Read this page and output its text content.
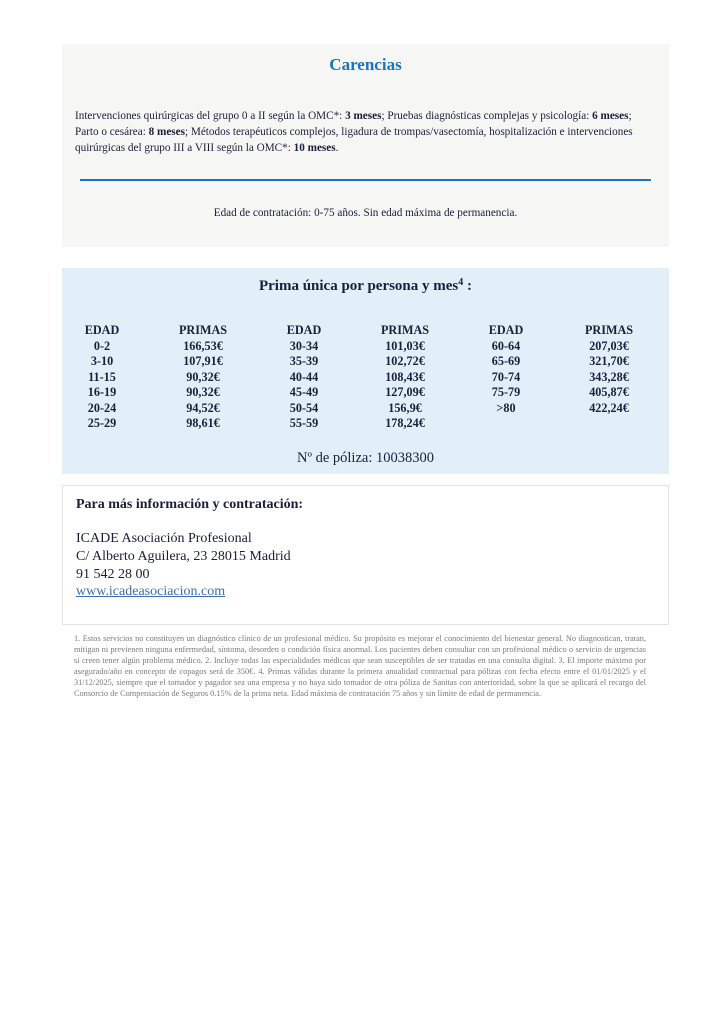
Carencias
Intervenciones quirúrgicas del grupo 0 a II según la OMC*: 3 meses; Pruebas diagnósticas complejas y psicología: 6 meses; Parto o cesárea: 8 meses; Métodos terapéuticos complejos, ligadura de trompas/vasectomía, hospitalización e intervenciones quirúrgicas del grupo III a VIII según la OMC*: 10 meses.
Edad de contratación: 0-75 años. Sin edad máxima de permanencia.
Prima única por persona y mes$^4$ :
EDAD
0-2
3-10
11-15
16-19
20-24
25-29
PRIMAS
166,53€
107,91€
90,32€
90,32€
94,52€
98,61€
EDAD
30-34
35-39
40-44
45-49
50-54
55-59
PRIMAS
101,03€
102,72€
108,43€
127,09€
156,9€
178,24€
EDAD
60-64
65-69
70-74
75-79
>80
PRIMAS
207,03€
321,70€
343,28€
405,87€
422,24€
Nº de póliza: 10038300
Para más información y contratación:
ICADE Asociación Profesional
C/ Alberto Aguilera, 23 28015 Madrid
91 542 28 00
www.icadeasociacion.com
1. Estos servicios no constituyen un diagnóstico clínico de un profesional médico. Su propósito es mejorar el conocimiento del bienestar general. No diagnostican, tratan, mitigan ni previenen ninguna enfermedad, síntoma, desorden o condición física anormal. Los pacientes deben consultar con un profesional médico o servicio de urgencias si creen tener algún problema médico. 2. Incluye todas las especialidades médicas que sean susceptibles de ser tratadas en una consulta digital. 3. El importe máximo por asegurado/año en concepto de copagos será de 350€. 4. Primas válidas durante la primera anualidad contractual para pólizas con fecha efecto entre el 01/01/2025 y el 31/12/2025, siempre que el tomador y pagador sea una empresa y no haya sido tomador de otra póliza de Sanitas con anterioridad, sobre la que se aplicará el recargo del Consorcio de Compensación de Seguros 0.15% de la prima neta. Edad máxima de contratación 75 años y sin límite de edad de permanencia.
